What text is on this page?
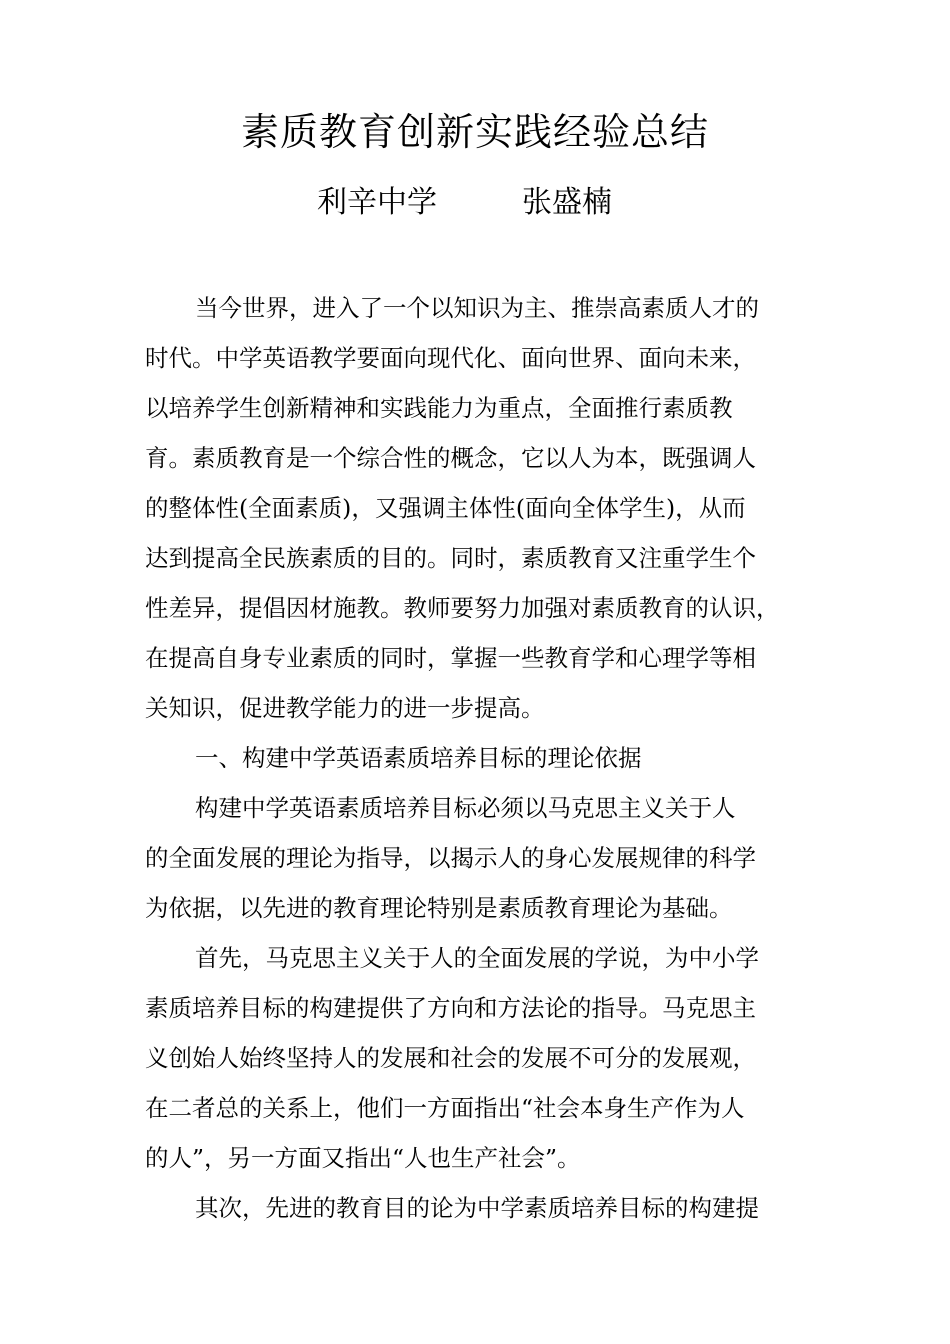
素质教育创新实践经验总结
利辛中学	张盛楠
当今世界，进入了一个以知识为主、推崇高素质人才的
时代。中学英语教学要面向现代化、面向世界、面向未来，
以培养学生创新精神和实践能力为重点，全面推行素质教
育。素质教育是一个综合性的概念，它以人为本，既强调人
的整体性(全面素质)，又强调主体性(面向全体学生)，从而
达到提高全民族素质的目的。同时，素质教育又注重学生个
性差异，提倡因材施教。教师要努力加强对素质教育的认识，
在提高自身专业素质的同时，掌握一些教育学和心理学等相
关知识，促进教学能力的进一步提高。
一、构建中学英语素质培养目标的理论依据
构建中学英语素质培养目标必须以马克思主义关于人
的全面发展的理论为指导，以揭示人的身心发展规律的科学
为依据，以先进的教育理论特别是素质教育理论为基础。
首先，马克思主义关于人的全面发展的学说，为中小学
素质培养目标的构建提供了方向和方法论的指导。马克思主
义创始人始终坚持人的发展和社会的发展不可分的发展观，
在二者总的关系上，他们一方面指出“社会本身生产作为人
的人”，另一方面又指出“人也生产社会”。
其次，先进的教育目的论为中学素质培养目标的构建提
